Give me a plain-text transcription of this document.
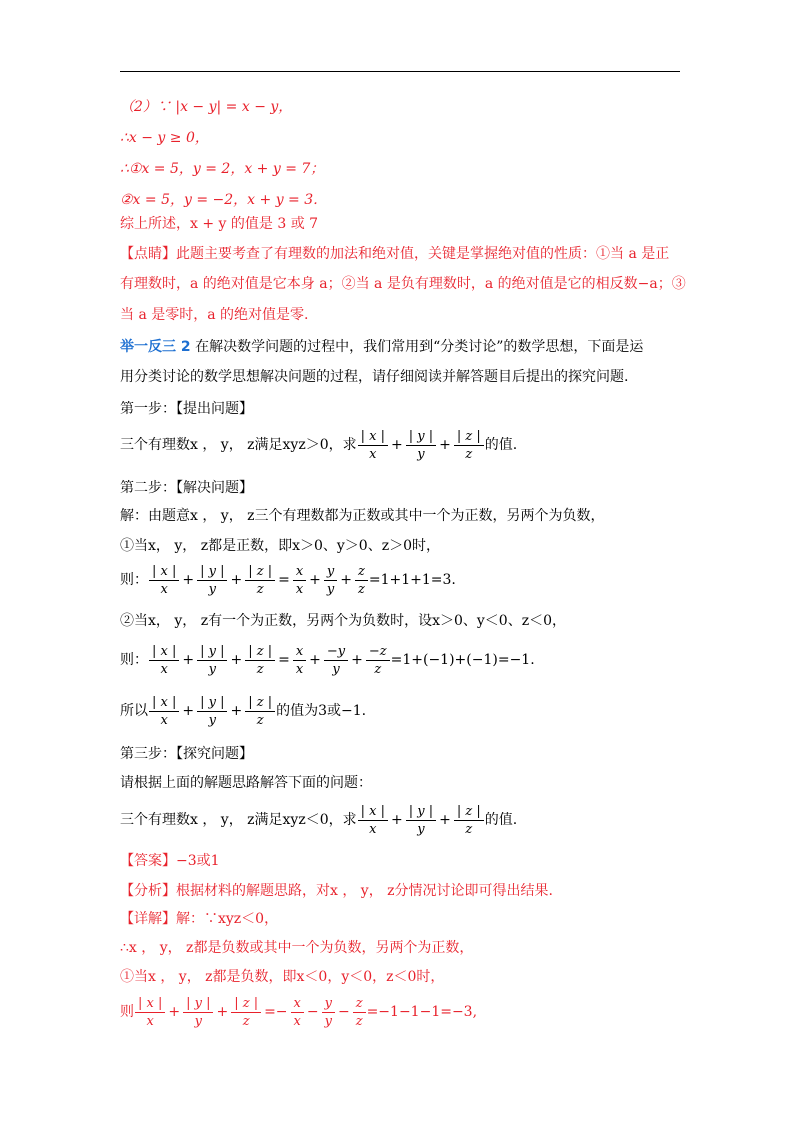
（2）∵ |x − y| = x − y，
∴x − y ≥ 0，
∴①x = 5，y = 2，x + y = 7；
②x = 5，y = −2，x + y = 3．
综上所述，x + y 的值是 3 或 7
【点睛】此题主要考查了有理数的加法和绝对值，关键是掌握绝对值的性质：①当 a 是正
有理数时，a 的绝对值是它本身 a；②当 a 是负有理数时，a 的绝对值是它的相反数−a；③
当 a 是零时，a 的绝对值是零.
举一反三 2 在解决数学问题的过程中，我们常用到“分类讨论”的数学思想，下面是运
用分类讨论的数学思想解决问题的过程，请仔细阅读并解答题目后提出的探究问题.
第一步：【提出问题】
三个有理数x ， y， z满足xyz＞0，求 $\frac{| x |}{x} + \frac{| y |}{y} + \frac{| z |}{z}$ 的值.
第二步：【解决问题】
解：由题意x ， y， z三个有理数都为正数或其中一个为正数，另两个为负数，
①当x， y， z都是正数，即x＞0、y＞0、z＞0时，
则： $\frac{| x |}{x} + \frac{| y |}{y} + \frac{| z |}{z} = \frac{x}{x} + \frac{y}{y} + \frac{z}{z} =1+1+1=3$.
②当x， y， z有一个为正数，另两个为负数时，设x＞0、y＜0、z＜0，
则： $\frac{| x |}{x} + \frac{| y |}{y} + \frac{| z |}{z} = \frac{x}{x} + \frac{-y}{y} + \frac{-z}{z} =1+(-1)+(-1)=-1$.
所以 $\frac{| x |}{x} + \frac{| y |}{y} + \frac{| z |}{z}$ 的值为3或−1.
第三步：【探究问题】
请根据上面的解题思路解答下面的问题：
三个有理数x ， y， z满足xyz＜0，求 $\frac{| x |}{x} + \frac{| y |}{y} + \frac{| z |}{z}$ 的值.
【答案】−3或1
【分析】根据材料的解题思路，对x ， y， z分情况讨论即可得出结果.
【详解】解：∵xyz＜0，
∴x ， y， z都是负数或其中一个为负数，另两个为正数，
①当x ， y， z都是负数，即x＜0，y＜0，z＜0时，
则 $\frac{| x |}{x} + \frac{| y |}{y} + \frac{| z |}{z} =- \frac{x}{x} - \frac{y}{y} - \frac{z}{z} =-1-1-1=-3$,
